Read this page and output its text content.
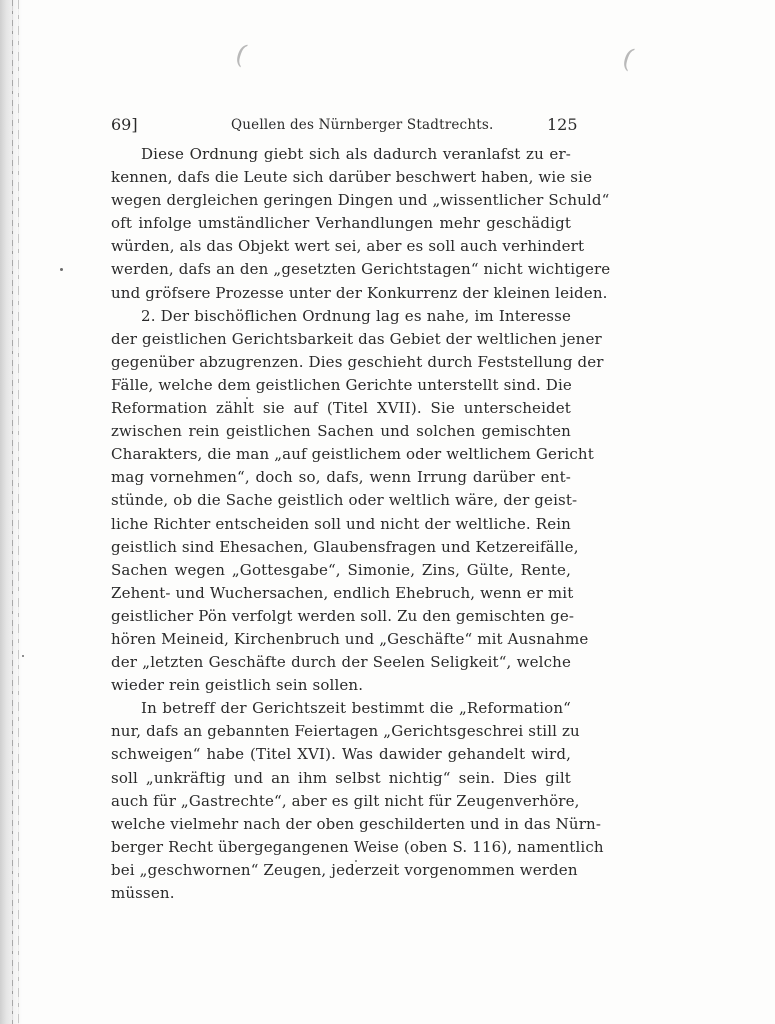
(	(
69]	Quellen des Nürnberger Stadtrechts.	125
Diese Ordnung giebt sich als dadurch veranlafst zu er-
kennen, dafs die Leute sich darüber beschwert haben, wie sie
wegen dergleichen geringen Dingen und „wissentlicher Schuld“
oft infolge umständlicher Verhandlungen mehr geschädigt
würden, als das Objekt wert sei, aber es soll auch verhindert
werden, dafs an den „gesetzten Gerichtstagen“ nicht wichtigere
und gröfsere Prozesse unter der Konkurrenz der kleinen leiden.
2. Der bischöflichen Ordnung lag es nahe, im Interesse
der geistlichen Gerichtsbarkeit das Gebiet der weltlichen jener
gegenüber abzugrenzen. Dies geschieht durch Feststellung der
Fälle, welche dem geistlichen Gerichte unterstellt sind. Die
Reformation zählt sie auf (Titel XVII). Sie unterscheidet
zwischen rein geistlichen Sachen und solchen gemischten
Charakters, die man „auf geistlichem oder weltlichem Gericht
mag vornehmen“, doch so, dafs, wenn Irrung darüber ent-
stünde, ob die Sache geistlich oder weltlich wäre, der geist-
liche Richter entscheiden soll und nicht der weltliche. Rein
geistlich sind Ehesachen, Glaubensfragen und Ketzereifälle,
Sachen wegen „Gottesgabe“, Simonie, Zins, Gülte, Rente,
Zehent- und Wuchersachen, endlich Ehebruch, wenn er mit
geistlicher Pön verfolgt werden soll. Zu den gemischten ge-
hören Meineid, Kirchenbruch und „Geschäfte“ mit Ausnahme
der „letzten Geschäfte durch der Seelen Seligkeit“, welche
wieder rein geistlich sein sollen.
In betreff der Gerichtszeit bestimmt die „Reformation“
nur, dafs an gebannten Feiertagen „Gerichtsgeschrei still zu
schweigen“ habe (Titel XVI). Was dawider gehandelt wird,
soll „unkräftig und an ihm selbst nichtig“ sein. Dies gilt
auch für „Gastrechte“, aber es gilt nicht für Zeugenverhöre,
welche vielmehr nach der oben geschilderten und in das Nürn-
berger Recht übergegangenen Weise (oben S. 116), namentlich
bei „geschwornen“ Zeugen, jederzeit vorgenommen werden
müssen.
